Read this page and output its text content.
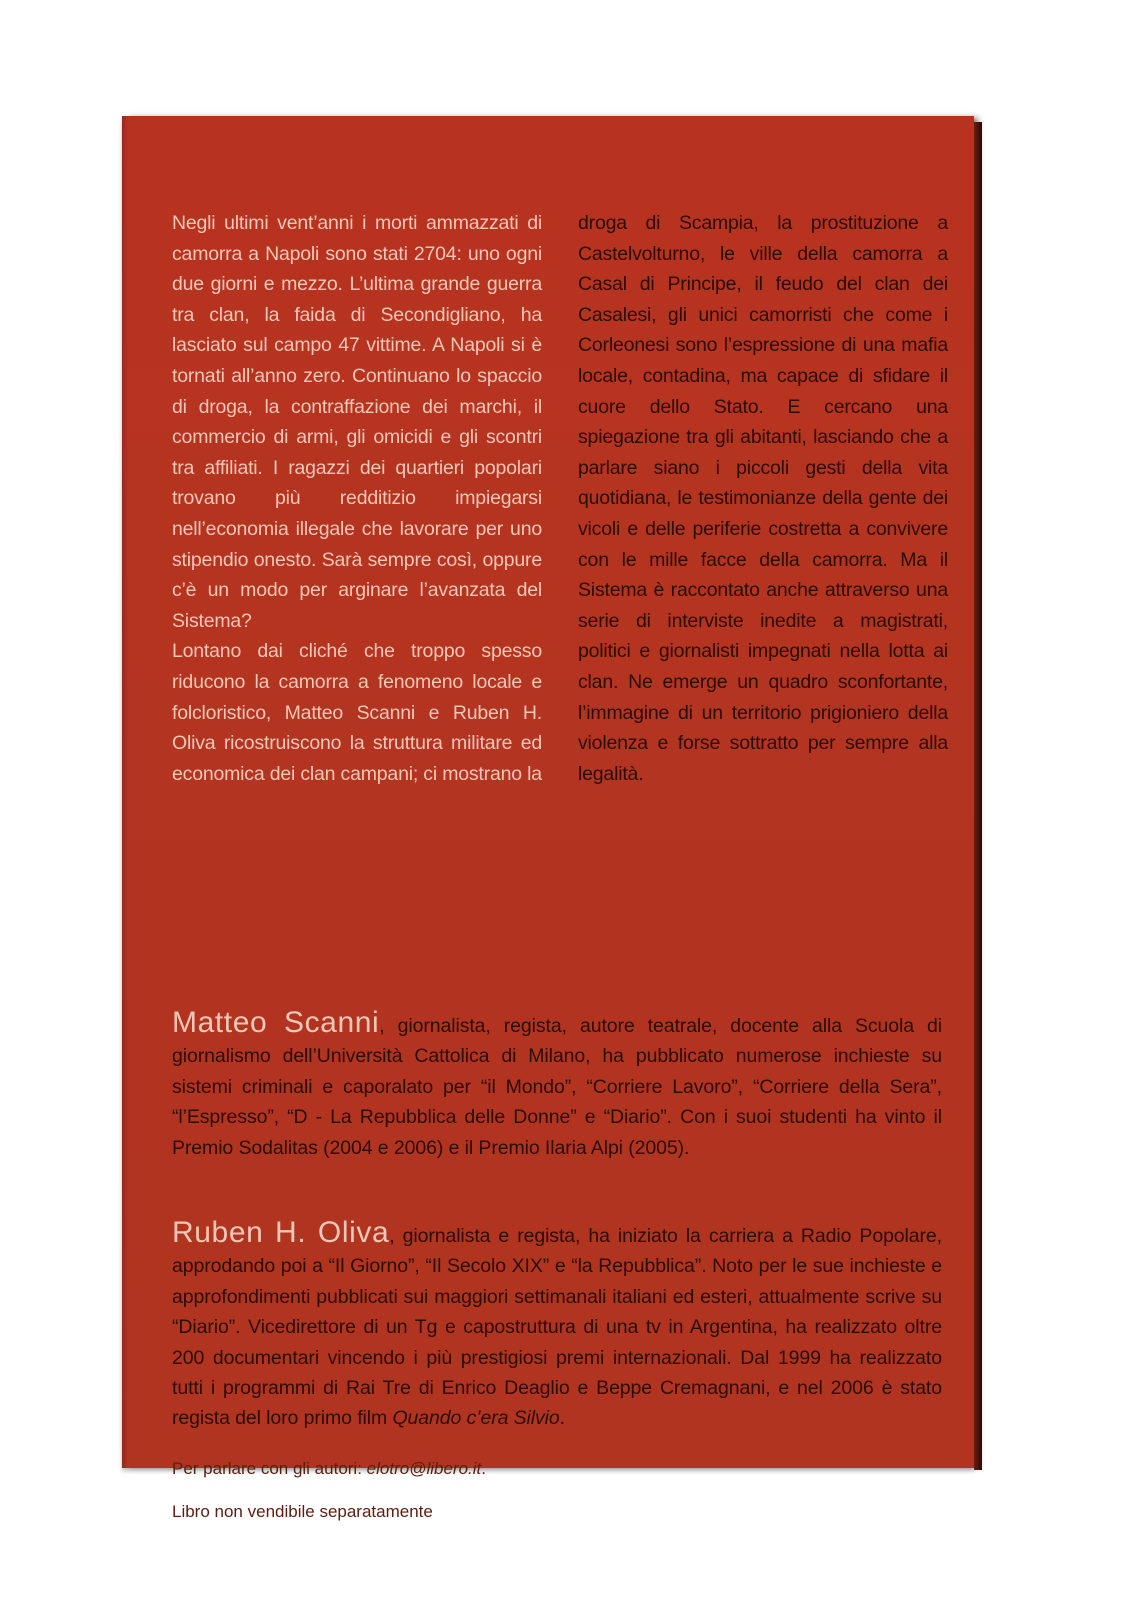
Negli ultimi vent’anni i morti ammazzati di camorra a Napoli sono stati 2704: uno ogni due giorni e mezzo. L’ultima grande guerra tra clan, la faida di Secondigliano, ha lasciato sul campo 47 vittime. A Napoli si è tornati all’anno zero. Continuano lo spaccio di droga, la contraffazione dei marchi, il commercio di armi, gli omicidi e gli scontri tra affiliati. I ragazzi dei quartieri popolari trovano più redditizio impiegarsi nell’economia illegale che lavorare per uno stipendio onesto. Sarà sempre così, oppure c’è un modo per arginare l’avanzata del Sistema?

Lontano dai cliché che troppo spesso riducono la camorra a fenomeno locale e folcloristico, Matteo Scanni e Ruben H. Oliva ricostruiscono la struttura militare ed economica dei clan campani; ci mostrano la

droga di Scampia, la prostituzione a Castelvolturno, le ville della camorra a Casal di Principe, il feudo del clan dei Casalesi, gli unici camorristi che come i Corleonesi sono l’espressione di una mafia locale, contadina, ma capace di sfidare il cuore dello Stato. E cercano una spiegazione tra gli abitanti, lasciando che a parlare siano i piccoli gesti della vita quotidiana, le testimonianze della gente dei vicoli e delle periferie costretta a convivere con le mille facce della camorra. Ma il Sistema è raccontato anche attraverso una serie di interviste inedite a magistrati, politici e giornalisti impegnati nella lotta ai clan. Ne emerge un quadro sconfortante, l’immagine di un territorio prigioniero della violenza e forse sottratto per sempre alla legalità.

Matteo Scanni, giornalista, regista, autore teatrale, docente alla Scuola di giornalismo dell’Università Cattolica di Milano, ha pubblicato numerose inchieste su sistemi criminali e caporalato per “il Mondo”, “Corriere Lavoro”, “Corriere della Sera”, “l’Espresso”, “D - La Repubblica delle Donne” e “Diario”. Con i suoi studenti ha vinto il Premio Sodalitas (2004 e 2006) e il Premio Ilaria Alpi (2005).
Ruben H. Oliva, giornalista e regista, ha iniziato la carriera a Radio Popolare, approdando poi a “Il Giorno”, “Il Secolo XIX” e “la Repubblica”. Noto per le sue inchieste e approfondimenti pubblicati sui maggiori settimanali italiani ed esteri, attualmente scrive su “Diario”. Vicedirettore di un Tg e capostruttura di una tv in Argentina, ha realizzato oltre 200 documentari vincendo i più prestigiosi premi internazionali. Dal 1999 ha realizzato tutti i programmi di Rai Tre di Enrico Deaglio e Beppe Cremagnani, e nel 2006 è stato regista del loro primo film Quando c’era Silvio.
Per parlare con gli autori: elotro@libero.it.
Libro non vendibile separatamente
